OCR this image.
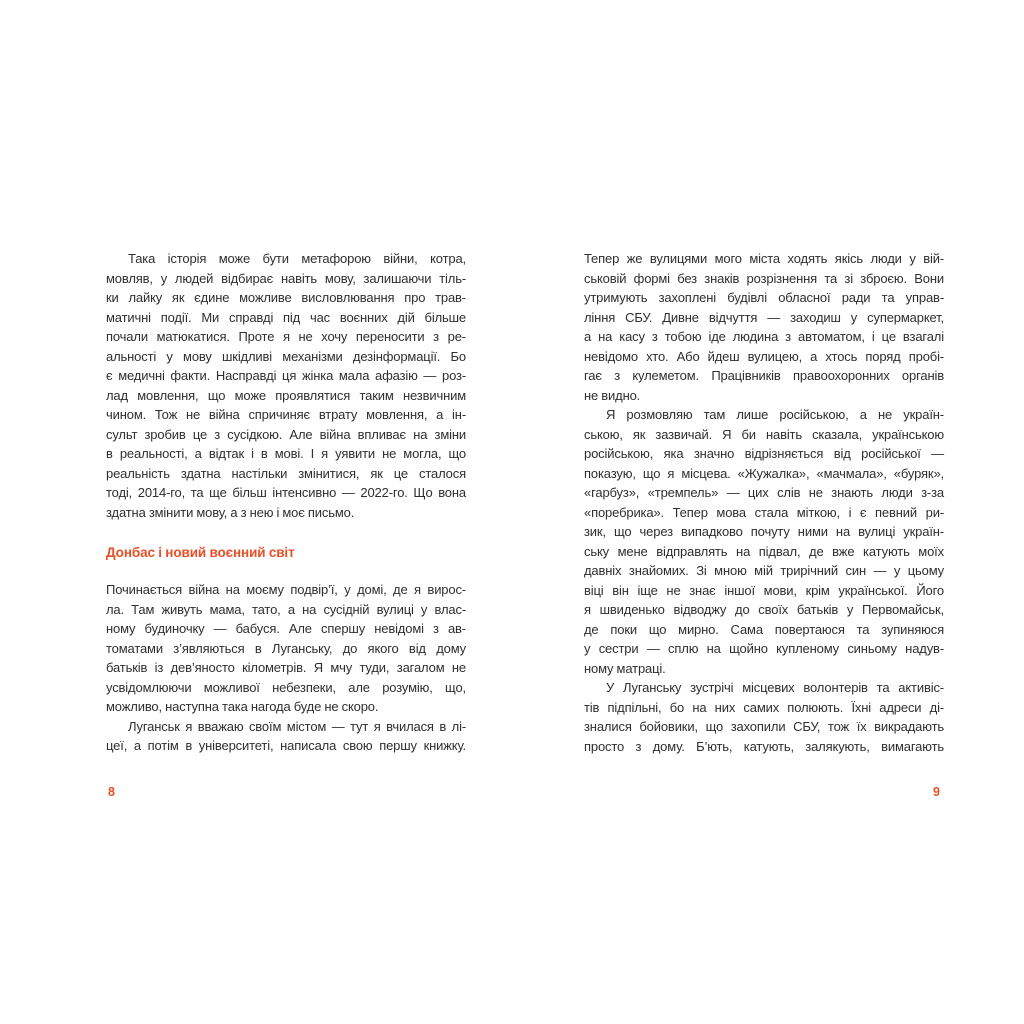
Така історія може бути метафорою війни, котра,
мовляв, у людей відбирає навіть мову, залишаючи тіль-
ки лайку як єдине можливе висловлювання про трав-
матичні події. Ми справді під час воєнних дій більше
почали матюкатися. Проте я не хочу переносити з ре-
альності у мову шкідливі механізми дезінформації. Бо
є медичні факти. Насправді ця жінка мала афазію — роз-
лад мовлення, що може проявлятися таким незвичним
чином. Тож не війна спричиняє втрату мовлення, а ін-
сульт зробив це з сусідкою. Але війна впливає на зміни
в реальності, а відтак і в мові. І я уявити не могла, що
реальність здатна настільки змінитися, як це сталося
тоді, 2014-го, та ще більш інтенсивно — 2022-го. Що вона
здатна змінити мову, а з нею і моє письмо.
Донбас і новий воєнний світ
Починається війна на моєму подвір’ї, у домі, де я вирос-
ла. Там живуть мама, тато, а на сусідній вулиці у влас-
ному будиночку — бабуся. Але спершу невідомі з ав-
томатами з’являються в Луганську, до якого від дому
батьків із дев’яносто кілометрів. Я мчу туди, загалом не
усвідомлюючи можливої небезпеки, але розумію, що,
можливо, наступна така нагода буде не скоро.
Луганськ я вважаю своїм містом — тут я вчилася в лі-
цеї, а потім в університеті, написала свою першу книжку.
Тепер же вулицями мого міста ходять якісь люди у вій-
ськовій формі без знаків розрізнення та зі зброєю. Вони
утримують захоплені будівлі обласної ради та управ-
ління СБУ. Дивне відчуття — заходиш у супермаркет,
а на касу з тобою іде людина з автоматом, і це взагалі
невідомо хто. Або йдеш вулицею, а хтось поряд пробі-
гає з кулеметом. Працівників правоохоронних органів
не видно.
Я розмовляю там лише російською, а не україн-
ською, як зазвичай. Я би навіть сказала, українською
російською, яка значно відрізняється від російської —
показую, що я місцева. «Жужалка», «мачмала», «буряк»,
«гарбуз», «тремпель» — цих слів не знають люди з-за
«поребрика». Тепер мова стала міткою, і є певний ри-
зик, що через випадково почуту ними на вулиці україн-
ську мене відправлять на підвал, де вже катують моїх
давніх знайомих. Зі мною мій трирічний син — у цьому
віці він іще не знає іншої мови, крім української. Його
я швиденько відводжу до своїх батьків у Первомайськ,
де поки що мирно. Сама повертаюся та зупиняюся
у сестри — сплю на щойно купленому синьому надув-
ному матраці.
У Луганську зустрічі місцевих волонтерів та активіс-
тів підпільні, бо на них самих полюють. Їхні адреси ді-
зналися бойовики, що захопили СБУ, тож їх викрадають
просто з дому. Б’ють, катують, залякують, вимагають
8	9
